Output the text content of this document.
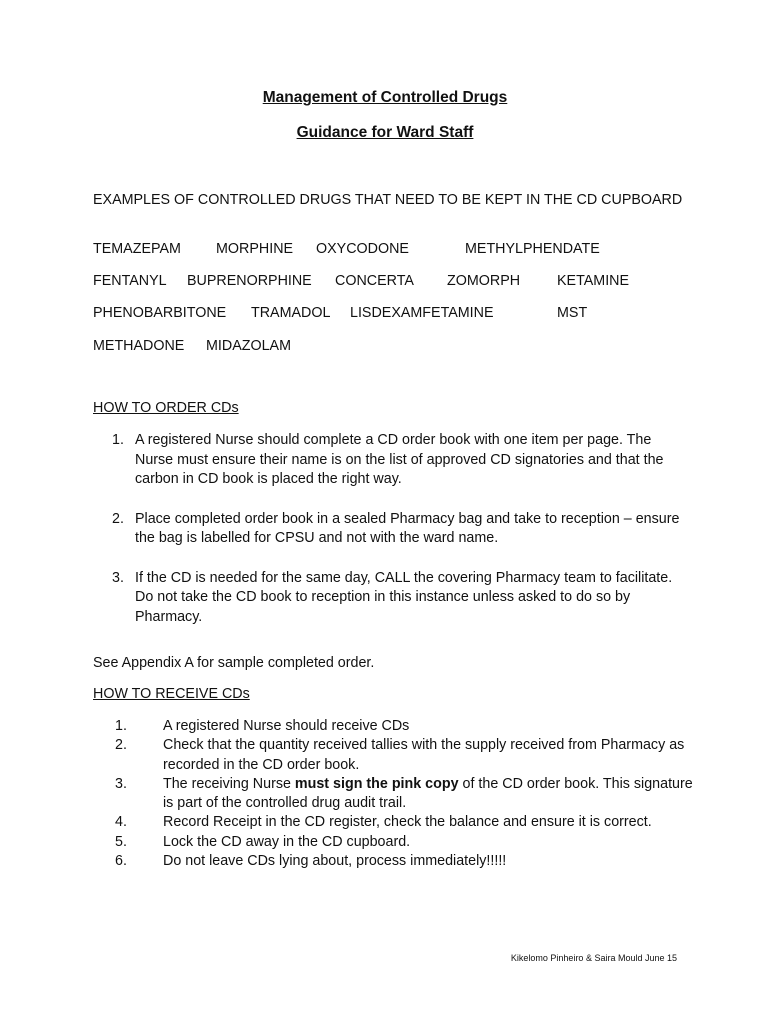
Management of Controlled Drugs
Guidance for Ward Staff
EXAMPLES OF CONTROLLED DRUGS THAT NEED TO BE KEPT IN THE CD CUPBOARD
TEMAZEPAM MORPHINE OXYCODONE	METHYLPHENDATE
FENTANYL BUPRENORPHINE CONCERTA ZOMORPH	KETAMINE
PHENOBARBITONE TRAMADOL LISDEXAMFETAMINE	MST
METHADONE MIDAZOLAM
HOW TO ORDER CDs
1. A registered Nurse should complete a CD order book with one item per page. The Nurse must ensure their name is on the list of approved CD signatories and that the carbon in CD book is placed the right way.
2. Place completed order book in a sealed Pharmacy bag and take to reception – ensure the bag is labelled for CPSU and not with the ward name.
3. If the CD is needed for the same day, CALL the covering Pharmacy team to facilitate. Do not take the CD book to reception in this instance unless asked to do so by Pharmacy.
See Appendix A for sample completed order.
HOW TO RECEIVE CDs
1.	A registered Nurse should receive CDs
2.	Check that the quantity received tallies with the supply received from Pharmacy as recorded in the CD order book.
3.	The receiving Nurse must sign the pink copy of the CD order book. This signature is part of the controlled drug audit trail.
4.	Record Receipt in the CD register, check the balance and ensure it is correct.
5.	Lock the CD away in the CD cupboard.
6.	Do not leave CDs lying about, process immediately!!!!!
Kikelomo Pinheiro & Saira Mould June 15
